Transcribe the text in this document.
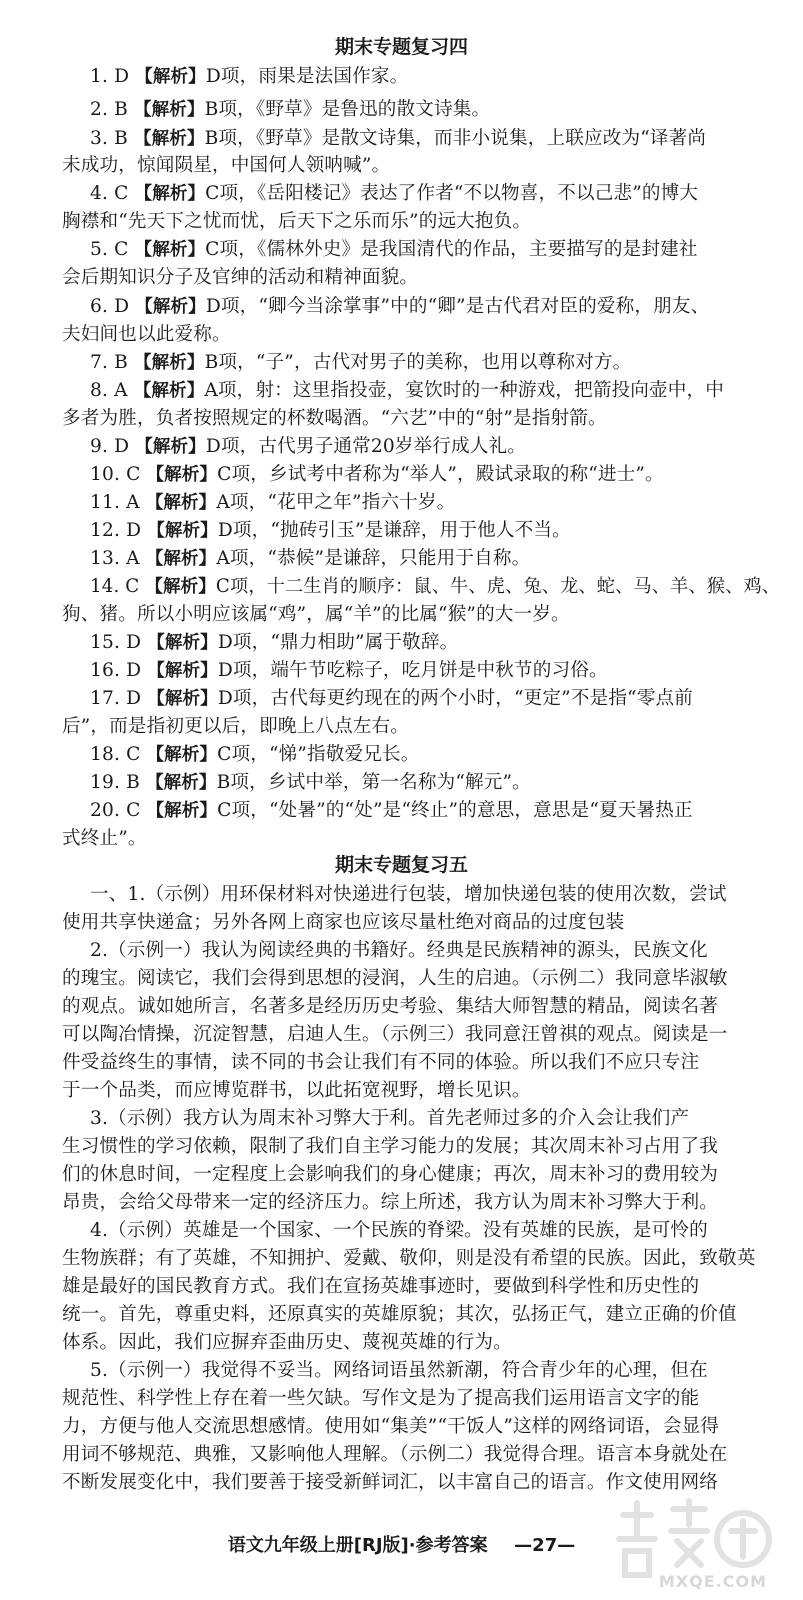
期末专题复习四
1. D 【解析】D项，雨果是法国作家。
2. B 【解析】B项，《野草》是鲁迅的散文诗集。
3. B 【解析】B项，《野草》是散文诗集，而非小说集，上联应改为“译著尚
未成功，惊闻陨星，中国何人领呐喊”。
4. C 【解析】C项，《岳阳楼记》表达了作者“不以物喜，不以己悲”的博大
胸襟和“先天下之忧而忧，后天下之乐而乐”的远大抱负。
5. C 【解析】C项，《儒林外史》是我国清代的作品，主要描写的是封建社
会后期知识分子及官绅的活动和精神面貌。
6. D 【解析】D项，“卿今当涂掌事”中的“卿”是古代君对臣的爱称，朋友、
夫妇间也以此爱称。
7. B 【解析】B项，“子”，古代对男子的美称，也用以尊称对方。
8. A 【解析】A项，射：这里指投壶，宴饮时的一种游戏，把箭投向壶中，中
多者为胜，负者按照规定的杯数喝酒。“六艺”中的“射”是指射箭。
9. D 【解析】D项，古代男子通常20岁举行成人礼。
10. C 【解析】C项，乡试考中者称为“举人”，殿试录取的称“进士”。
11. A 【解析】A项，“花甲之年”指六十岁。
12. D 【解析】D项，“抛砖引玉”是谦辞，用于他人不当。
13. A 【解析】A项，“恭候”是谦辞，只能用于自称。
14. C 【解析】C项，十二生肖的顺序：鼠、牛、虎、兔、龙、蛇、马、羊、猴、鸡、
狗、猪。所以小明应该属“鸡”，属“羊”的比属“猴”的大一岁。
15. D 【解析】D项，“鼎力相助”属于敬辞。
16. D 【解析】D项，端午节吃粽子，吃月饼是中秋节的习俗。
17. D 【解析】D项，古代每更约现在的两个小时，“更定”不是指“零点前
后”，而是指初更以后，即晚上八点左右。
18. C 【解析】C项，“悌”指敬爱兄长。
19. B 【解析】B项，乡试中举，第一名称为“解元”。
20. C 【解析】C项，“处暑”的“处”是“终止”的意思，意思是“夏天暑热正
式终止”。
期末专题复习五
一、1.（示例）用环保材料对快递进行包装，增加快递包装的使用次数，尝试
使用共享快递盒；另外各网上商家也应该尽量杜绝对商品的过度包装
2.（示例一）我认为阅读经典的书籍好。经典是民族精神的源头，民族文化
的瑰宝。阅读它，我们会得到思想的浸润，人生的启迪。（示例二）我同意毕淑敏
的观点。诚如她所言，名著多是经历历史考验、集结大师智慧的精品，阅读名著
可以陶冶情操，沉淀智慧，启迪人生。（示例三）我同意汪曾祺的观点。阅读是一
件受益终生的事情，读不同的书会让我们有不同的体验。所以我们不应只专注
于一个品类，而应博览群书，以此拓宽视野，增长见识。
3.（示例）我方认为周末补习弊大于利。首先老师过多的介入会让我们产
生习惯性的学习依赖，限制了我们自主学习能力的发展；其次周末补习占用了我
们的休息时间，一定程度上会影响我们的身心健康；再次，周末补习的费用较为
昂贵，会给父母带来一定的经济压力。综上所述，我方认为周末补习弊大于利。
4.（示例）英雄是一个国家、一个民族的脊梁。没有英雄的民族，是可怜的
生物族群；有了英雄，不知拥护、爱戴、敬仰，则是没有希望的民族。因此，致敬英
雄是最好的国民教育方式。我们在宣扬英雄事迹时，要做到科学性和历史性的
统一。首先，尊重史料，还原真实的英雄原貌；其次，弘扬正气，建立正确的价值
体系。因此，我们应摒弃歪曲历史、蔑视英雄的行为。
5.（示例一）我觉得不妥当。网络词语虽然新潮，符合青少年的心理，但在
规范性、科学性上存在着一些欠缺。写作文是为了提高我们运用语言文字的能
力，方便与他人交流思想感情。使用如“集美”“干饭人”这样的网络词语，会显得
用词不够规范、典雅，又影响他人理解。（示例二）我觉得合理。语言本身就处在
不断发展变化中，我们要善于接受新鲜词汇，以丰富自己的语言。作文使用网络
MXQE.COM
语文九年级上册[RJ版]·参考答案 —27—
